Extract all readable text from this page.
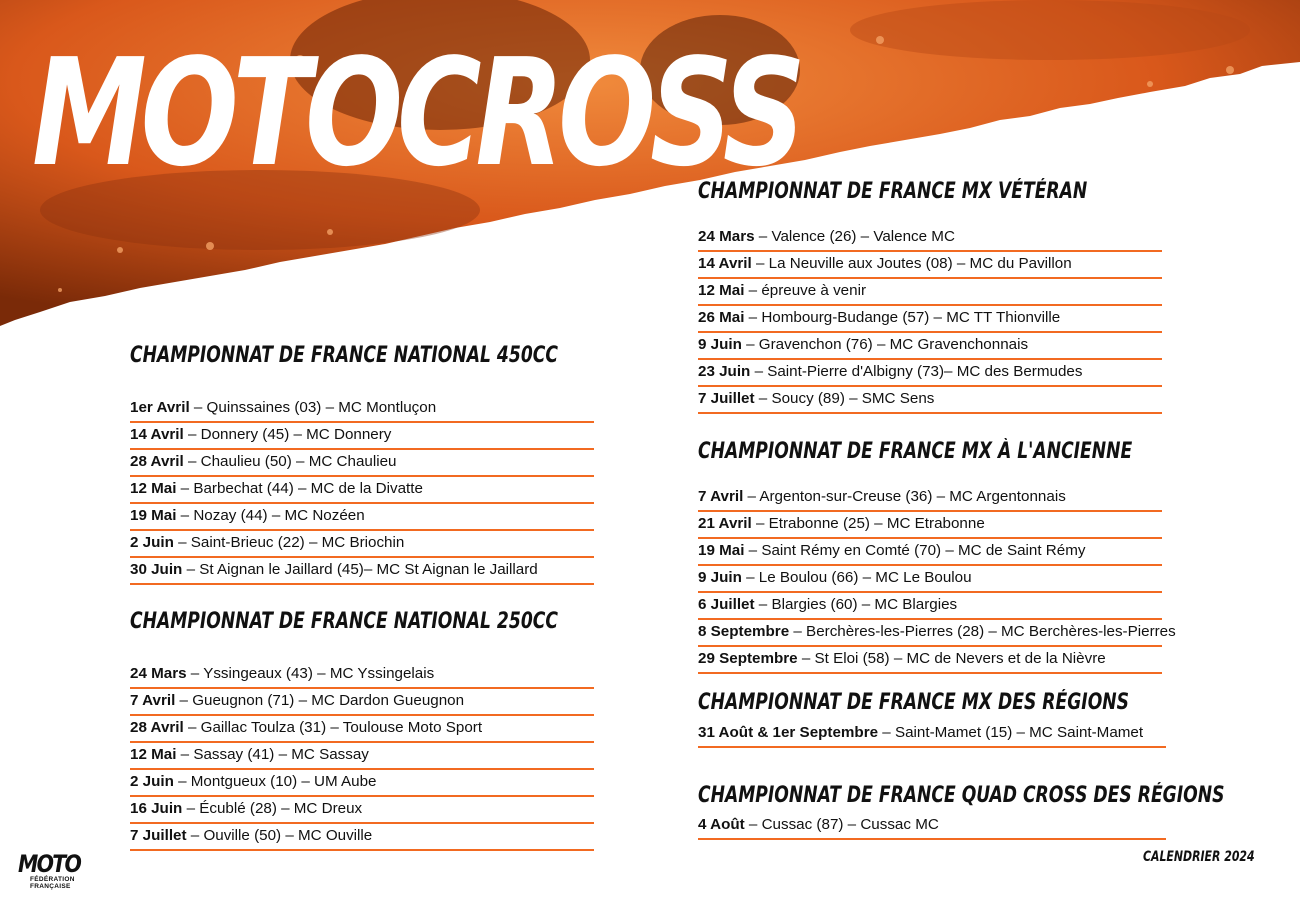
MOTOCROSS
CHAMPIONNAT DE FRANCE NATIONAL 450CC
1er Avril – Quinssaines (03) – MC Montluçon
14 Avril – Donnery (45) – MC Donnery
28 Avril – Chaulieu (50) – MC Chaulieu
12 Mai – Barbechat (44) – MC de la Divatte
19 Mai – Nozay (44) – MC Nozéen
2 Juin – Saint-Brieuc (22) – MC Briochin
30 Juin – St Aignan le Jaillard (45)– MC St Aignan le Jaillard
CHAMPIONNAT DE FRANCE NATIONAL 250CC
24 Mars – Yssingeaux (43) – MC Yssingelais
7 Avril – Gueugnon (71) – MC Dardon Gueugnon
28 Avril – Gaillac Toulza (31) – Toulouse Moto Sport
12 Mai – Sassay (41) – MC Sassay
2 Juin – Montgueux (10) – UM Aube
16 Juin – Écublé (28) – MC Dreux
7 Juillet – Ouville (50) – MC Ouville
CHAMPIONNAT DE FRANCE MX VÉTÉRAN
24 Mars – Valence (26) – Valence MC
14 Avril – La Neuville aux Joutes (08) – MC du Pavillon
12 Mai – épreuve à venir
26 Mai – Hombourg-Budange (57) – MC TT Thionville
9 Juin – Gravenchon (76) – MC Gravenchonnais
23 Juin – Saint-Pierre d'Albigny (73)– MC des Bermudes
7 Juillet – Soucy (89) – SMC Sens
CHAMPIONNAT DE FRANCE MX À L'ANCIENNE
7 Avril – Argenton-sur-Creuse (36) – MC Argentonnais
21 Avril – Etrabonne (25) – MC Etrabonne
19 Mai – Saint Rémy en Comté (70) – MC de Saint Rémy
9 Juin – Le Boulou (66) – MC Le Boulou
6 Juillet – Blargies (60) – MC Blargies
8 Septembre – Berchères-les-Pierres (28) – MC Berchères-les-Pierres
29 Septembre – St Eloi (58) – MC de Nevers et de la Nièvre
CHAMPIONNAT DE FRANCE MX DES RÉGIONS
31 Août & 1er Septembre – Saint-Mamet (15) – MC Saint-Mamet
CHAMPIONNAT DE FRANCE QUAD CROSS DES RÉGIONS
4 Août – Cussac (87) – Cussac MC
MOTO
FÉDÉRATION
FRANÇAISE
CALENDRIER 2024
